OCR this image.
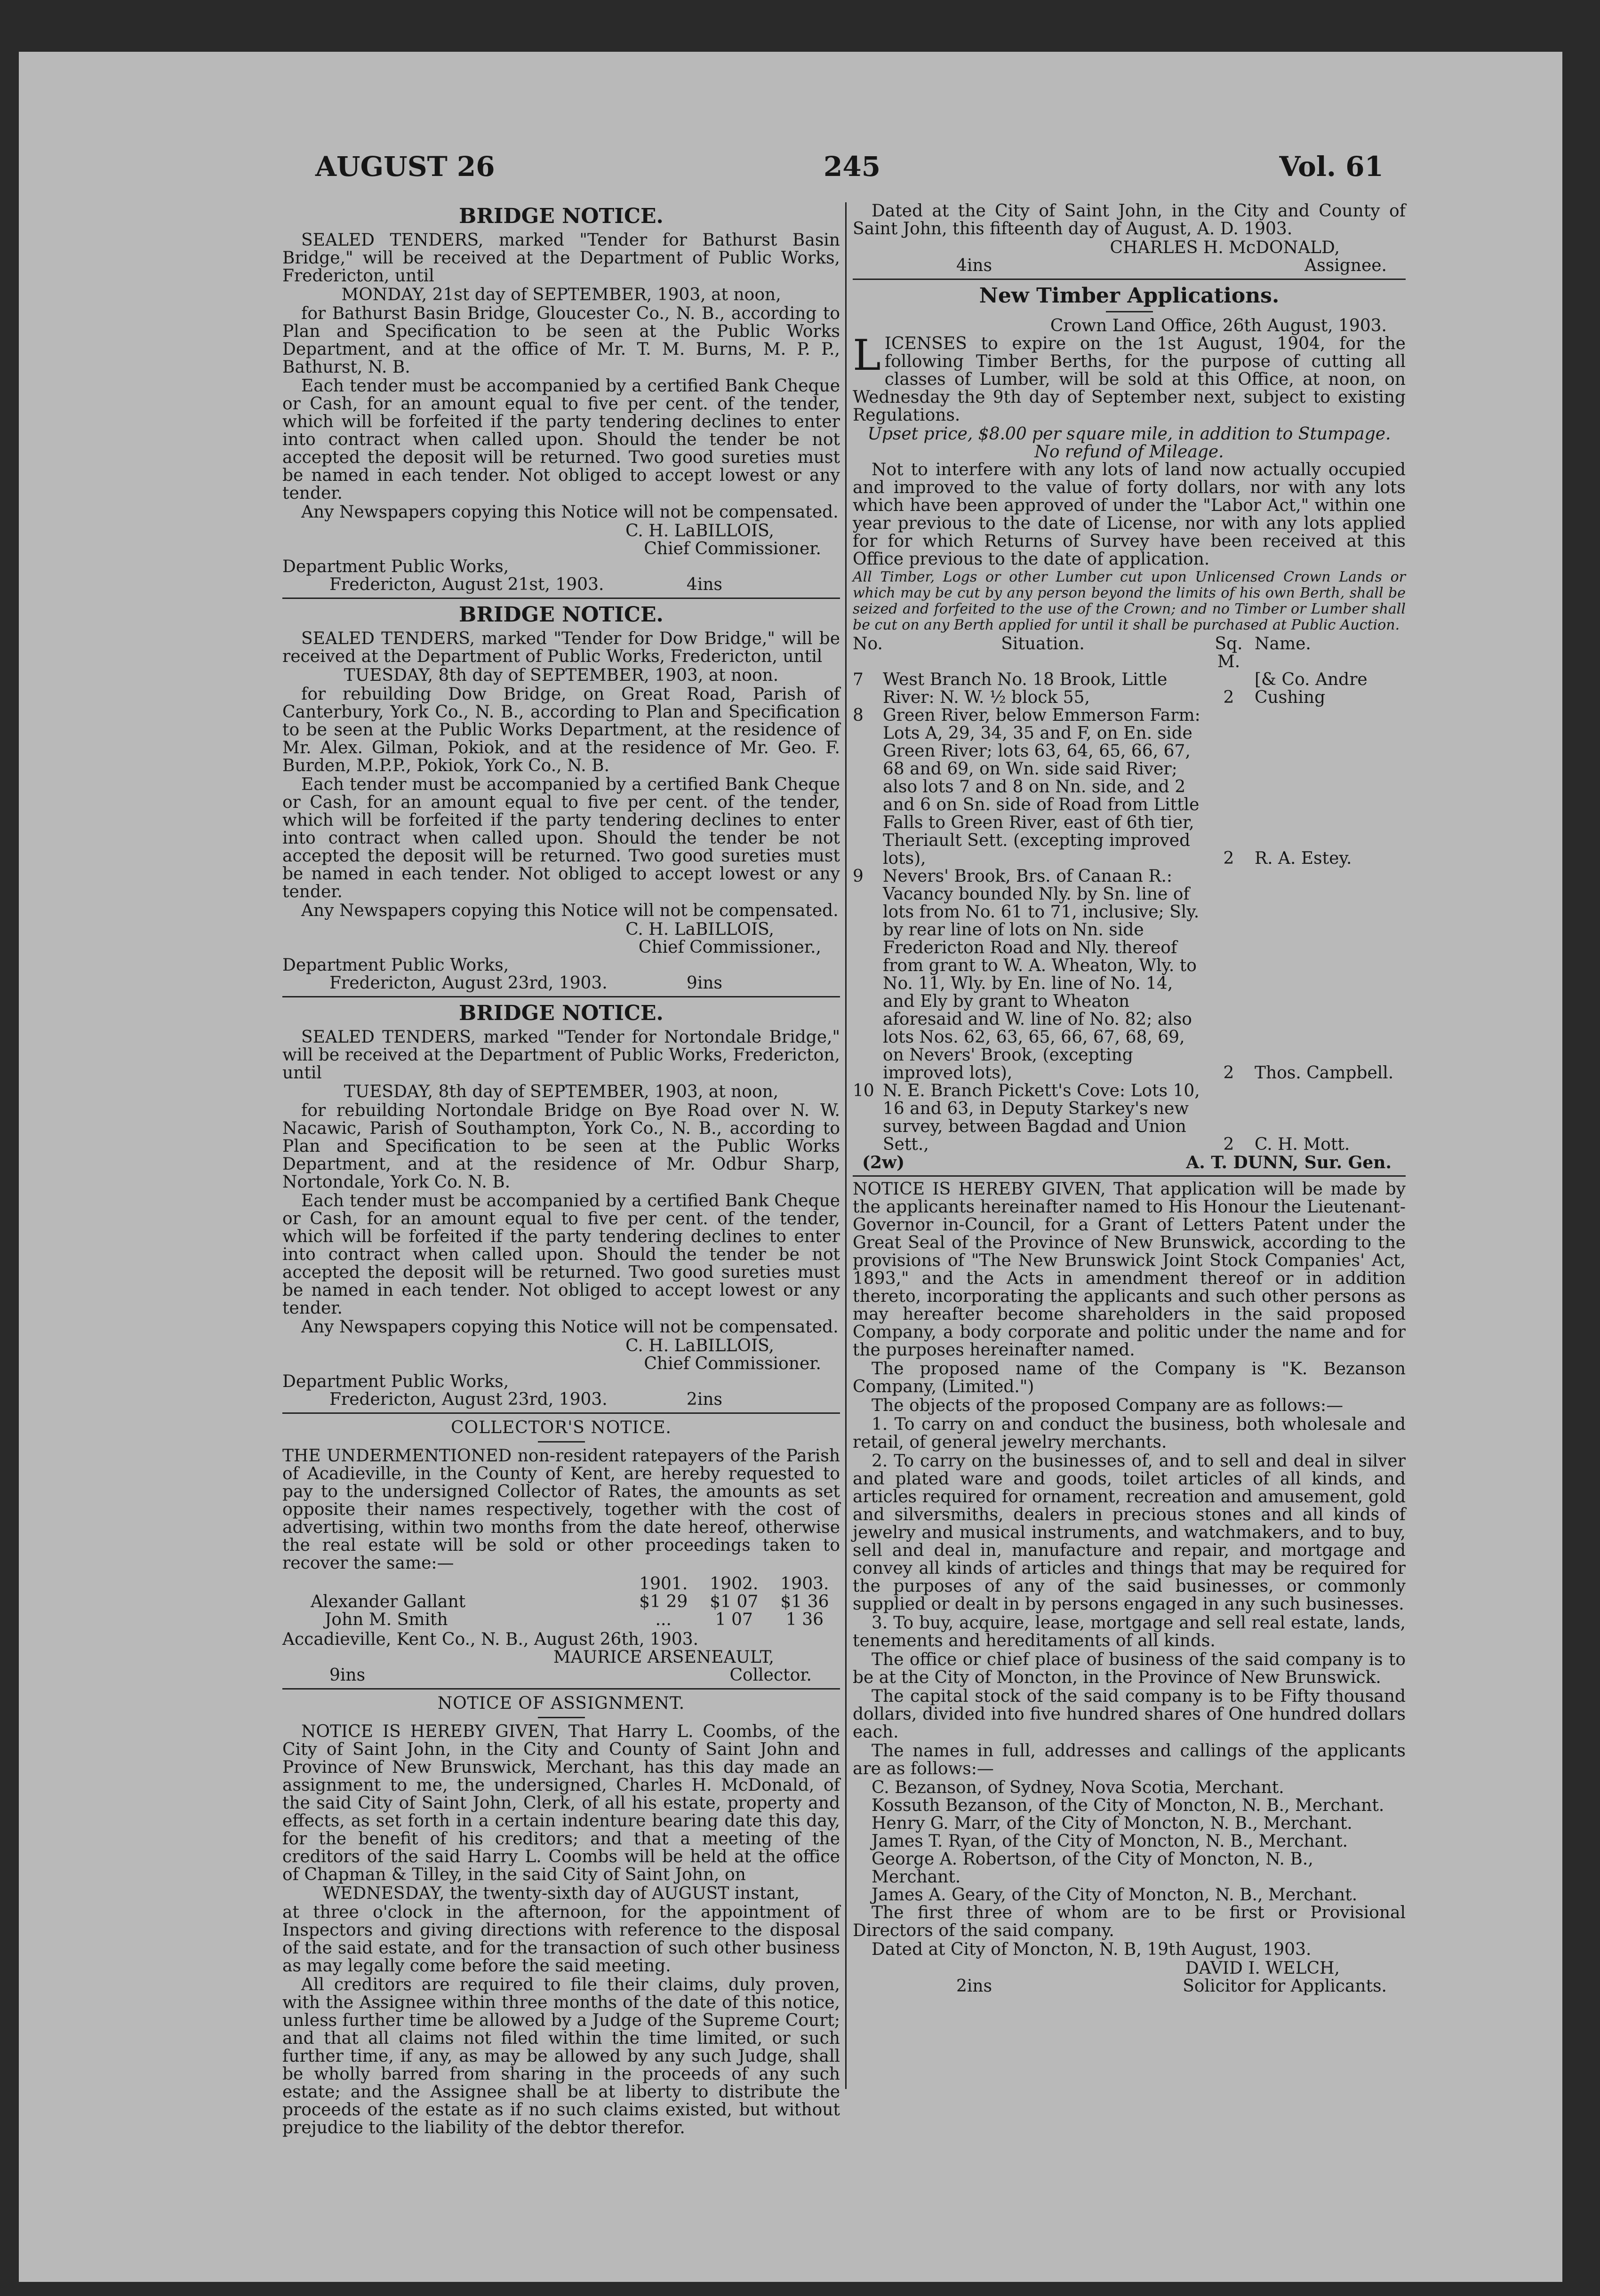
AUGUST 26	245	Vol. 61
BRIDGE NOTICE.

SEALED TENDERS, marked "Tender for Bathurst Basin Bridge," will be received at the Department of Public Works, Fredericton, until

MONDAY, 21st day of SEPTEMBER, 1903, at noon,

for Bathurst Basin Bridge, Gloucester Co., N. B., according to Plan and Specification to be seen at the Public Works Department, and at the office of Mr. T. M. Burns, M. P. P., Bathurst, N. B.

Each tender must be accompanied by a certified Bank Cheque or Cash, for an amount equal to five per cent. of the tender, which will be forfeited if the party tendering declines to enter into contract when called upon. Should the tender be not accepted the deposit will be returned. Two good sureties must be named in each tender. Not obliged to accept lowest or any tender.

Any Newspapers copying this Notice will not be compensated.

C. H. LaBILLOIS,
Chief Commissioner.
Department Public Works,
Fredericton, August 21st, 1903.	4ins
BRIDGE NOTICE.

SEALED TENDERS, marked "Tender for Dow Bridge," will be received at the Department of Public Works, Fredericton, until

TUESDAY, 8th day of SEPTEMBER, 1903, at noon.

for rebuilding Dow Bridge, on Great Road, Parish of Canterbury, York Co., N. B., according to Plan and Specification to be seen at the Public Works Department, at the residence of Mr. Alex. Gilman, Pokiok, and at the residence of Mr. Geo. F. Burden, M.P.P., Pokiok, York Co., N. B.

Each tender must be accompanied by a certified Bank Cheque or Cash, for an amount equal to five per cent. of the tender, which will be forfeited if the party tendering declines to enter into contract when called upon. Should the tender be not accepted the deposit will be returned. Two good sureties must be named in each tender. Not obliged to accept lowest or any tender.

Any Newspapers copying this Notice will not be compensated.

C. H. LaBILLOIS,
Chief Commissioner.,
Department Public Works,
Fredericton, August 23rd, 1903.	9ins
BRIDGE NOTICE.

SEALED TENDERS, marked "Tender for Nortondale Bridge," will be received at the Department of Public Works, Fredericton, until

TUESDAY, 8th day of SEPTEMBER, 1903, at noon,

for rebuilding Nortondale Bridge on Bye Road over N. W. Nacawic, Parish of Southampton, York Co., N. B., according to Plan and Specification to be seen at the Public Works Department, and at the residence of Mr. Odbur Sharp, Nortondale, York Co. N. B.

Each tender must be accompanied by a certified Bank Cheque or Cash, for an amount equal to five per cent. of the tender, which will be forfeited if the party tendering declines to enter into contract when called upon. Should the tender be not accepted the deposit will be returned. Two good sureties must be named in each tender. Not obliged to accept lowest or any tender.

Any Newspapers copying this Notice will not be compensated.

C. H. LaBILLOIS,
Chief Commissioner.
Department Public Works,
Fredericton, August 23rd, 1903.	2ins
COLLECTOR'S NOTICE.

THE UNDERMENTIONED non-resident ratepayers of the Parish of Acadieville, in the County of Kent, are hereby requested to pay to the undersigned Collector of Rates, the amounts as set opposite their names respectively, together with the cost of advertising, within two months from the date hereof, otherwise the real estate will be sold or other proceedings taken to recover the same:—

	1901.	1902.	1903.
Alexander Gallant	$1 29	$1 07	$1 36
John M. Smith	...	1 07	1 36
Accadieville, Kent Co., N. B., August 26th, 1903.
MAURICE ARSENEAULT,
9ins	Collector.
NOTICE OF ASSIGNMENT.

NOTICE IS HEREBY GIVEN, That Harry L. Coombs, of the City of Saint John, in the City and County of Saint John and Province of New Brunswick, Merchant, has this day made an assignment to me, the undersigned, Charles H. McDonald, of the said City of Saint John, Clerk, of all his estate, property and effects, as set forth in a certain indenture bearing date this day, for the benefit of his creditors; and that a meeting of the creditors of the said Harry L. Coombs will be held at the office of Chapman & Tilley, in the said City of Saint John, on

WEDNESDAY, the twenty-sixth day of AUGUST instant,

at three o'clock in the afternoon, for the appointment of Inspectors and giving directions with reference to the disposal of the said estate, and for the transaction of such other business as may legally come before the said meeting.

All creditors are required to file their claims, duly proven, with the Assignee within three months of the date of this notice, unless further time be allowed by a Judge of the Supreme Court; and that all claims not filed within the time limited, or such further time, if any, as may be allowed by any such Judge, shall be wholly barred from sharing in the proceeds of any such estate; and the Assignee shall be at liberty to distribute the proceeds of the estate as if no such claims existed, but without prejudice to the liability of the debtor therefor.

Dated at the City of Saint John, in the City and County of Saint John, this fifteenth day of August, A. D. 1903.

CHARLES H. McDONALD,
4ins	Assignee.
New Timber Applications.
Crown Land Office, 26th August, 1903.

LICENSES to expire on the 1st August, 1904, for the following Timber Berths, for the purpose of cutting all classes of Lumber, will be sold at this Office, at noon, on Wednesday the 9th day of September next, subject to existing Regulations.

Upset price, $8.00 per square mile, in addition to Stumpage.
No refund of Mileage.

Not to interfere with any lots of land now actually occupied and improved to the value of forty dollars, nor with any lots which have been approved of under the "Labor Act," within one year previous to the date of License, nor with any lots applied for for which Returns of Survey have been received at this Office previous to the date of application.

All Timber, Logs or other Lumber cut upon Unlicensed Crown Lands or which may be cut by any person beyond the limits of his own Berth, shall be seized and forfeited to the use of the Crown; and no Timber or Lumber shall be cut on any Berth applied for until it shall be purchased at Public Auction.

No.	Situation.	Sq. M.	Name.
7	West Branch No. 18 Brook, Little River: N. W. ½ block 55,	2	[& Co. Andre Cushing
8	Green River, below Emmerson Farm: Lots A, 29, 34, 35 and F, on En. side Green River; lots 63, 64, 65, 66, 67, 68 and 69, on Wn. side said River; also lots 7 and 8 on Nn. side, and 2 and 6 on Sn. side of Road from Little Falls to Green River, east of 6th tier, Theriault Sett. (excepting improved lots),	2	R. A. Estey.
9	Nevers' Brook, Brs. of Canaan R.: Vacancy bounded Nly. by Sn. line of lots from No. 61 to 71, inclusive; Sly. by rear line of lots on Nn. side Fredericton Road and Nly. thereof from grant to W. A. Wheaton, Wly. to No. 11, Wly. by En. line of No. 14, and Ely by grant to Wheaton aforesaid and W. line of No. 82; also lots Nos. 62, 63, 65, 66, 67, 68, 69, on Nevers' Brook, (excepting improved lots),	2	Thos. Campbell.
10	N. E. Branch Pickett's Cove: Lots 10, 16 and 63, in Deputy Starkey's new survey, between Bagdad and Union Sett.,	2	C. H. Mott.
(2w)	A. T. DUNN, Sur. Gen.

NOTICE IS HEREBY GIVEN, That application will be made by the applicants hereinafter named to His Honour the Lieutenant-Governor in-Council, for a Grant of Letters Patent under the Great Seal of the Province of New Brunswick, according to the provisions of "The New Brunswick Joint Stock Companies' Act, 1893," and the Acts in amendment thereof or in addition thereto, incorporating the applicants and such other persons as may hereafter become shareholders in the said proposed Company, a body corporate and politic under the name and for the purposes hereinafter named.

The proposed name of the Company is "K. Bezanson Company, (Limited.")

The objects of the proposed Company are as follows:—

1. To carry on and conduct the business, both wholesale and retail, of general jewelry merchants.

2. To carry on the businesses of, and to sell and deal in silver and plated ware and goods, toilet articles of all kinds, and articles required for ornament, recreation and amusement, gold and silversmiths, dealers in precious stones and all kinds of jewelry and musical instruments, and watchmakers, and to buy, sell and deal in, manufacture and repair, and mortgage and convey all kinds of articles and things that may be required for the purposes of any of the said businesses, or commonly supplied or dealt in by persons engaged in any such businesses.

3. To buy, acquire, lease, mortgage and sell real estate, lands, tenements and hereditaments of all kinds.

The office or chief place of business of the said company is to be at the City of Moncton, in the Province of New Brunswick.

The capital stock of the said company is to be Fifty thousand dollars, divided into five hundred shares of One hundred dollars each.

The names in full, addresses and callings of the applicants are as follows:—

C. Bezanson, of Sydney, Nova Scotia, Merchant.
Kossuth Bezanson, of the City of Moncton, N. B., Merchant.
Henry G. Marr, of the City of Moncton, N. B., Merchant.
James T. Ryan, of the City of Moncton, N. B., Merchant.
George A. Robertson, of the City of Moncton, N. B., Merchant.
James A. Geary, of the City of Moncton, N. B., Merchant.

The first three of whom are to be first or Provisional Directors of the said company.

Dated at City of Moncton, N. B, 19th August, 1903.

DAVID I. WELCH,
2ins	Solicitor for Applicants.
